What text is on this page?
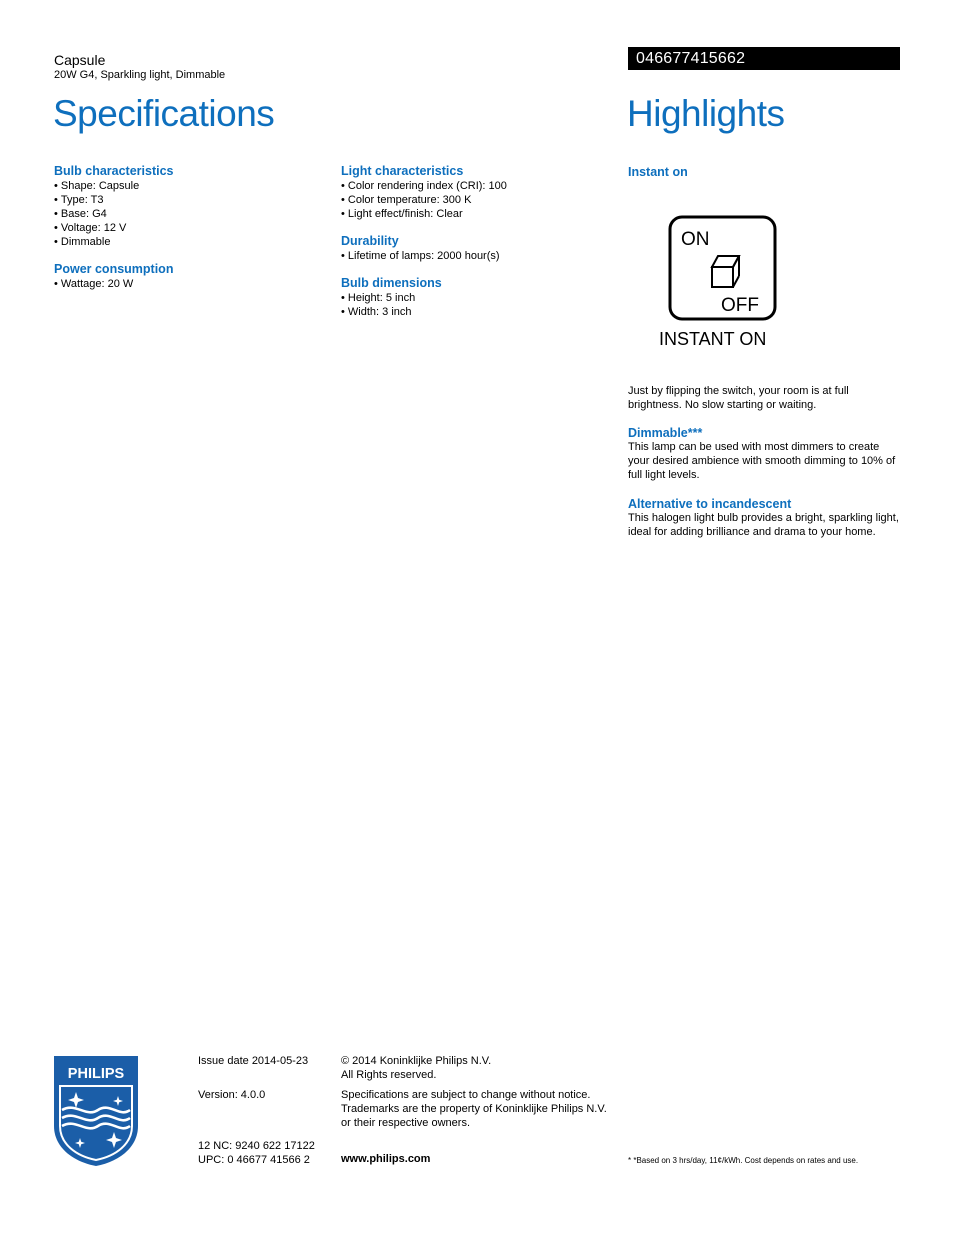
Capsule
20W G4, Sparkling light, Dimmable
046677415662
Specifications	Highlights
Bulb characteristics
• Shape: Capsule
• Type: T3
• Base: G4
• Voltage: 12 V
• Dimmable
Power consumption
• Wattage: 20 W
Light characteristics
• Color rendering index (CRI): 100
• Color temperature: 300 K
• Light effect/finish: Clear
Durability
• Lifetime of lamps: 2000 hour(s)
Bulb dimensions
• Height: 5 inch
• Width: 3 inch
Instant on
ON
OFF
INSTANT ON
Just by flipping the switch, your room is at full brightness. No slow starting or waiting.
Dimmable***
This lamp can be used with most dimmers to create your desired ambience with smooth dimming to 10% of full light levels.
Alternative to incandescent
This halogen light bulb provides a bright, sparkling light, ideal for adding brilliance and drama to your home.
PHILIPS
Issue date 2014-05-23
Version: 4.0.0
12 NC: 9240 622 17122
UPC: 0 46677 41566 2
© 2014 Koninklijke Philips N.V.
All Rights reserved.
Specifications are subject to change without notice.
Trademarks are the property of Koninklijke Philips N.V.
or their respective owners.
www.philips.com	* *Based on 3 hrs/day, 11¢/kWh. Cost depends on rates and use.
